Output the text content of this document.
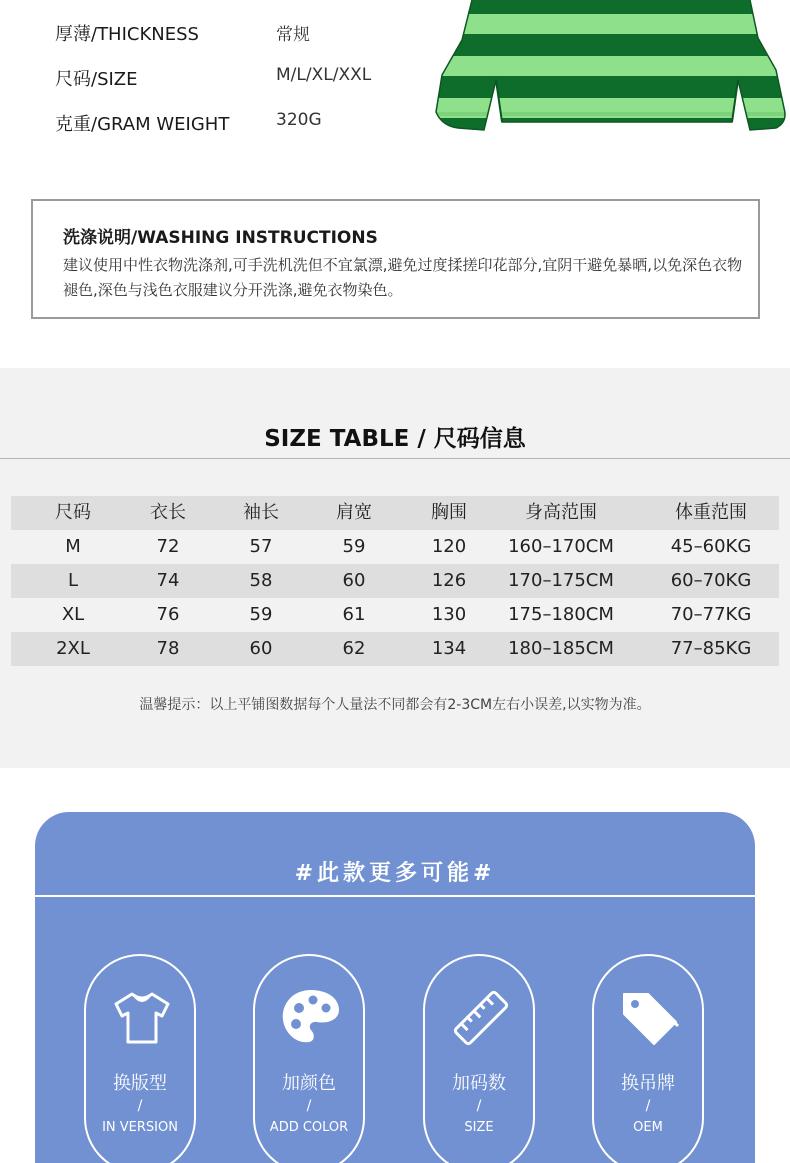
厚薄/THICKNESS	常规
尺码/SIZE	M/L/XL/XXL
克重/GRAM WEIGHT	320G
洗涤说明/WASHING INSTRUCTIONS
建议使用中性衣物洗涤剂,可手洗机洗但不宜氯漂,避免过度揉搓印花部分,宜阴干避免暴晒,以免深色衣物褪色,深色与浅色衣服建议分开洗涤,避免衣物染色。
SIZE TABLE / 尺码信息
尺码	衣长	袖长	肩宽	胸围	身高范围	体重范围
M	72	57	59	120	160–170CM	45–60KG
L	74	58	60	126	170–175CM	60–70KG
XL	76	59	61	130	175–180CM	70–77KG
2XL	78	60	62	134	180–185CM	77–85KG
温馨提示：以上平铺图数据每个人量法不同都会有2-3CM左右小误差,以实物为准。
#此款更多可能#
换版型
/
IN VERSION
加颜色
/
ADD COLOR
加码数
/
SIZE
换吊牌
/
OEM
